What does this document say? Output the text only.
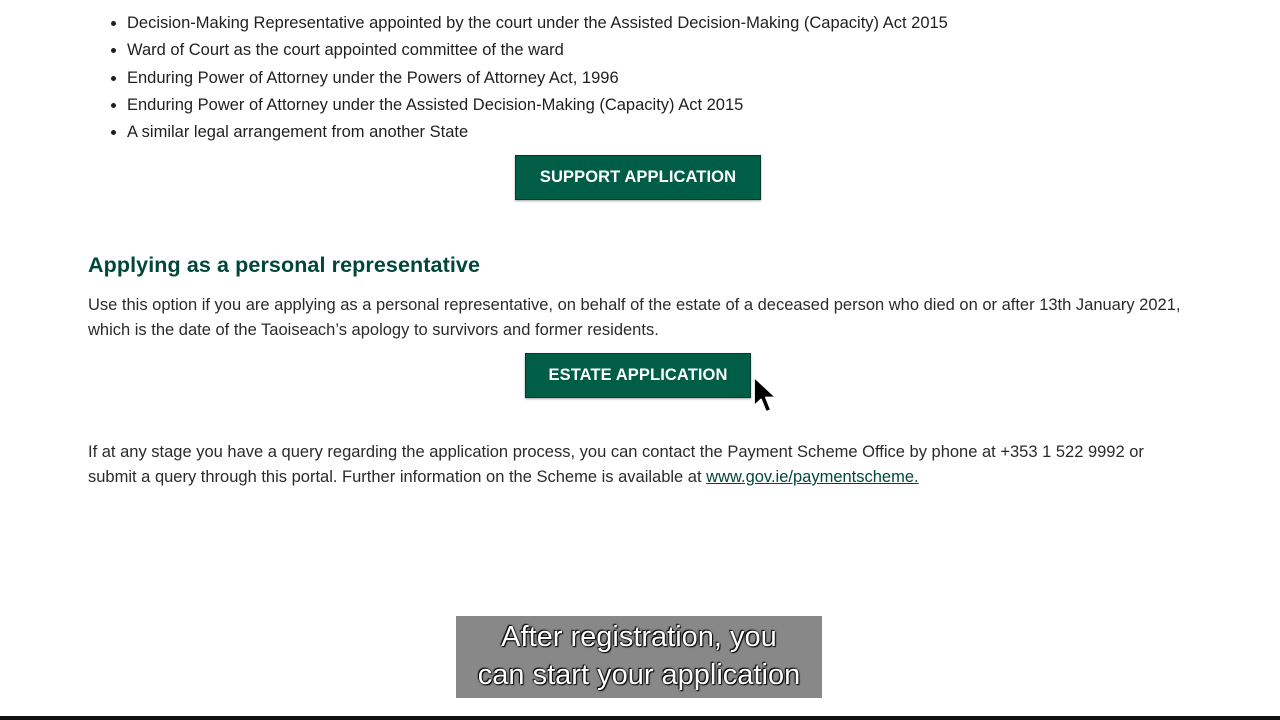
• Decision-Making Representative appointed by the court under the Assisted Decision-Making (Capacity) Act 2015
• Ward of Court as the court appointed committee of the ward
• Enduring Power of Attorney under the Powers of Attorney Act, 1996
• Enduring Power of Attorney under the Assisted Decision-Making (Capacity) Act 2015
• A similar legal arrangement from another State
SUPPORT APPLICATION
Applying as a personal representative

Use this option if you are applying as a personal representative, on behalf of the estate of a deceased person who died on or after 13th January 2021, which is the date of the Taoiseach’s apology to survivors and former residents.

ESTATE APPLICATION

If at any stage you have a query regarding the application process, you can contact the Payment Scheme Office by phone at +353 1 522 9992 or submit a query through this portal. Further information on the Scheme is available at www.gov.ie/paymentscheme.

After registration, you
can start your application
